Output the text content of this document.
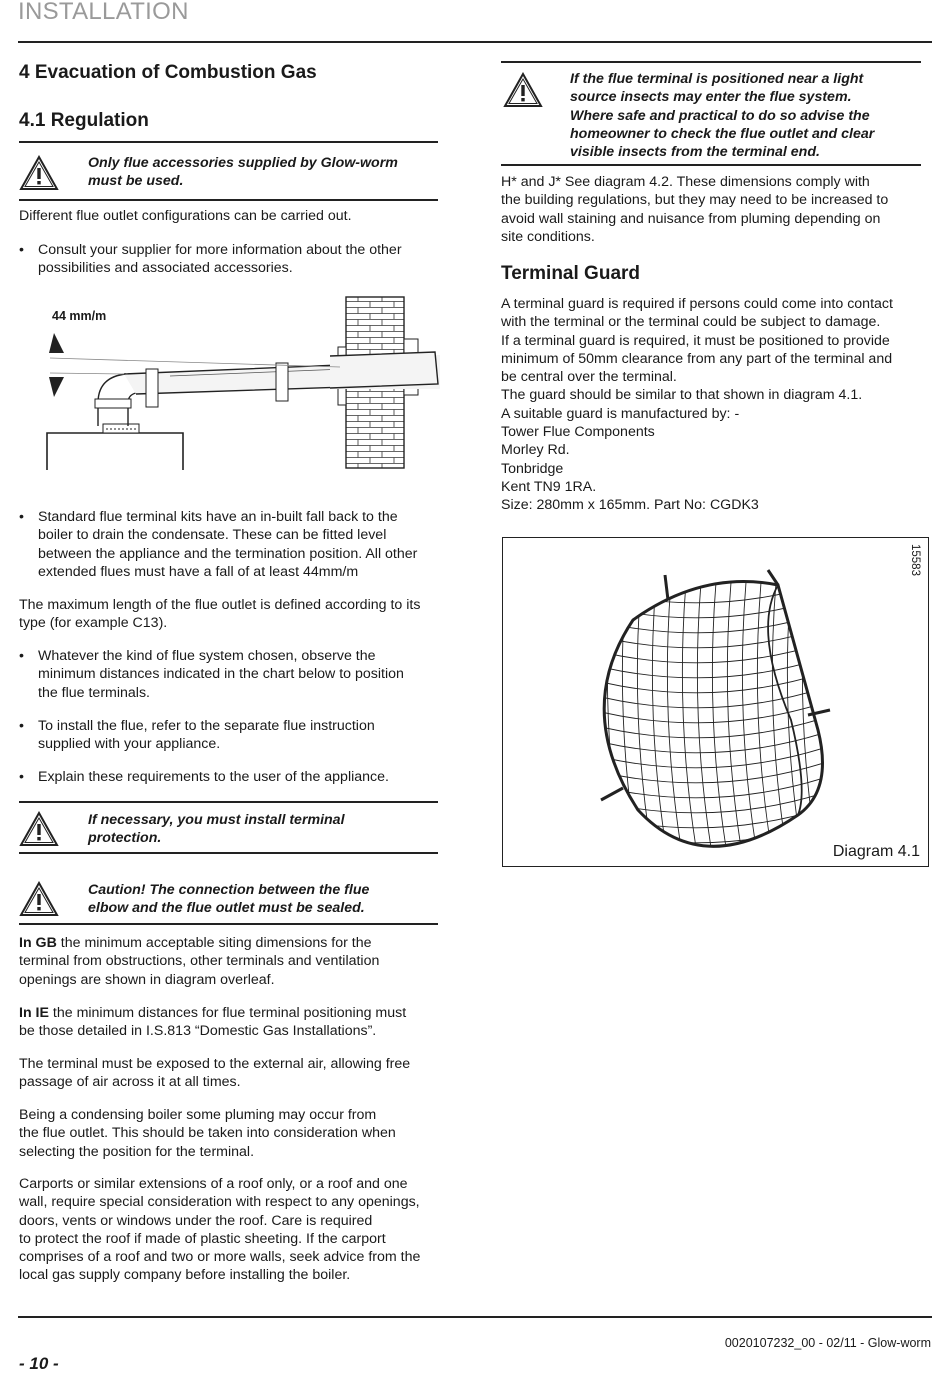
INSTALLATION
4 Evacuation of Combustion Gas
4.1 Regulation
Only flue accessories supplied by Glow-worm
must be used.
Different flue outlet configurations can be carried out.
• Consult your supplier for more information about the other
possibilities and associated accessories.
44 mm/m
• Standard flue terminal kits have an in-built fall back to the
boiler to drain the condensate. These can be fitted level
between the appliance and the termination position. All other
extended flues must have a fall of at least 44mm/m
The maximum length of the flue outlet is defined according to its
type (for example C13).
• Whatever the kind of flue system chosen, observe the
minimum distances indicated in the chart below to position
the flue terminals.
• To install the flue, refer to the separate flue instruction
supplied with your appliance.
• Explain these requirements to the user of the appliance.
If necessary, you must install terminal
protection.
Caution! The connection between the flue
elbow and the flue outlet must be sealed.
In GB the minimum acceptable siting dimensions for the
terminal from obstructions, other terminals and ventilation
openings are shown in diagram overleaf.
In IE the minimum distances for flue terminal positioning must
be those detailed in I.S.813 “Domestic Gas Installations”.
The terminal must be exposed to the external air, allowing free
passage of air across it at all times.
Being a condensing boiler some pluming may occur from
the flue outlet. This should be taken into consideration when
selecting the position for the terminal.
Carports or similar extensions of a roof only, or a roof and one
wall, require special consideration with respect to any openings,
doors, vents or windows under the roof. Care is required
to protect the roof if made of plastic sheeting. If the carport
comprises of a roof and two or more walls, seek advice from the
local gas supply company before installing the boiler.
If the flue terminal is positioned near a light
source insects may enter the flue system.
Where safe and practical to do so advise the
homeowner to check the flue outlet and clear
visible insects from the terminal end.
H* and J* See diagram 4.2. These dimensions comply with
the building regulations, but they may need to be increased to
avoid wall staining and nuisance from pluming depending on
site conditions.
Terminal Guard
A terminal guard is required if persons could come into contact
with the terminal or the terminal could be subject to damage.
If a terminal guard is required, it must be positioned to provide
minimum of 50mm clearance from any part of the terminal and
be central over the terminal.
The guard should be similar to that shown in diagram 4.1.
A suitable guard is manufactured by: -
Tower Flue Components
Morley Rd.
Tonbridge
Kent TN9 1RA.
Size: 280mm x 165mm. Part No: CGDK3
15583
Diagram 4.1
0020107232_00 - 02/11 - Glow-worm
- 10 -
